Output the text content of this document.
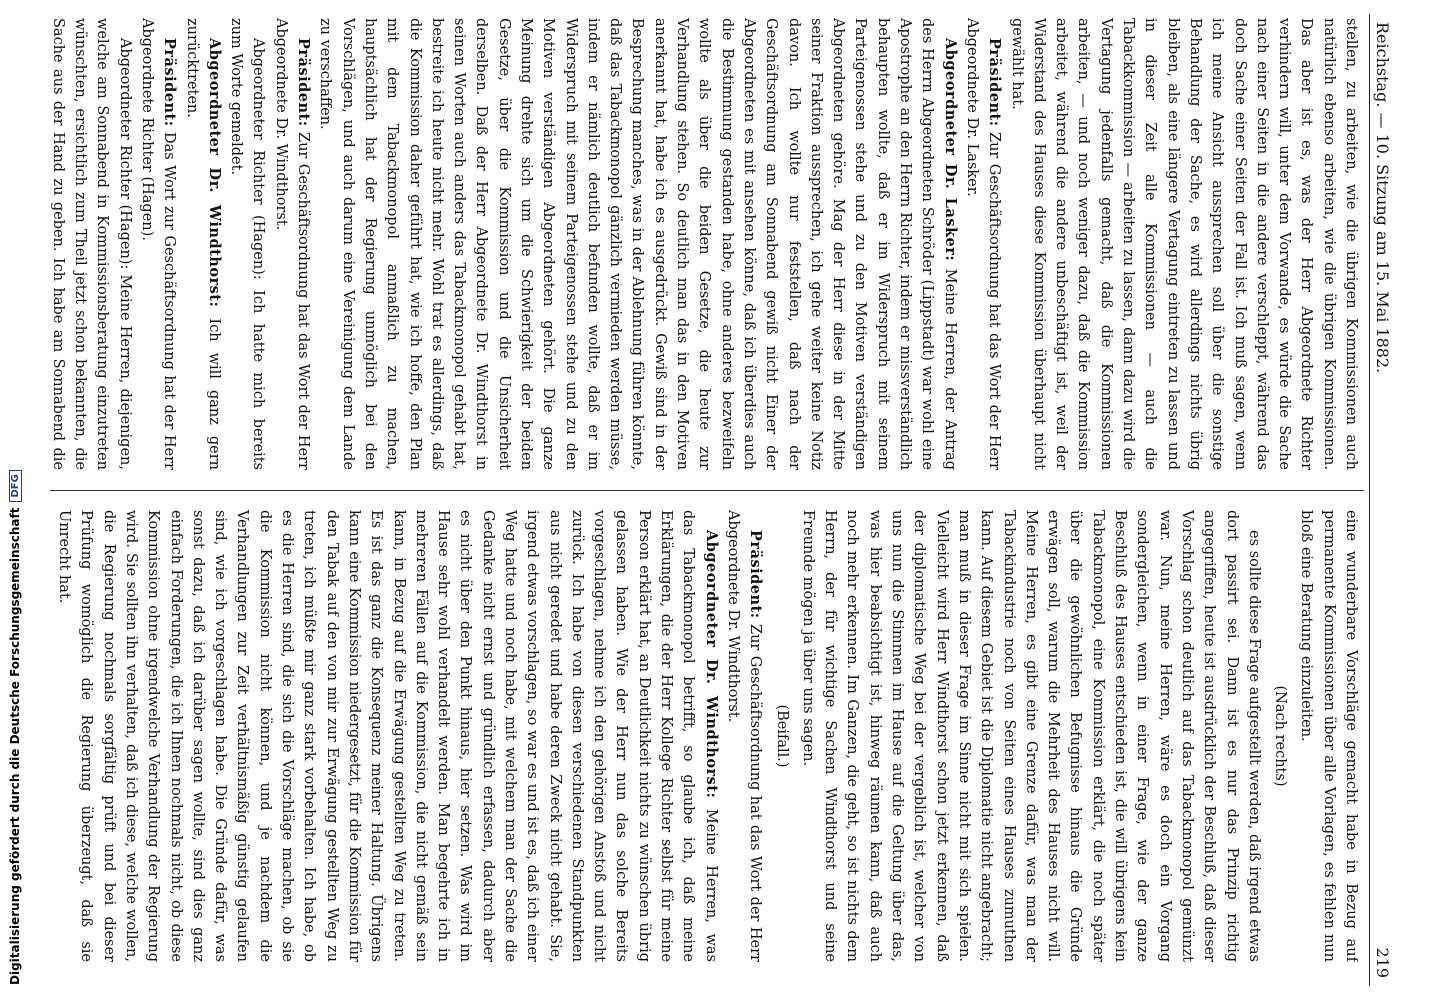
Digitalisierung gefördert durch die Deutsche ForschungsgemeinschaftDFG
Reichstag. — 10. Sitzung am 15. Mai 1882.
219

stellen, zu arbeiten, wie die übrigen Kommissionen auch natürlich ebenso arbeiten, wie die übrigen Kommissionen. Das aber ist es, was der Herr Abgeordnete Richter verhindern will, unter dem Vorwande, es würde die Sache nach einer Seiten in die andere verschleppt, während das doch Sache einer Seiten der Fall ist. Ich muß sagen, wenn ich meine Ansicht aussprechen soll über die sonstige Behandlung der Sache, es wird allerdings nichts übrig bleiben, als eine längere Vertagung eintreten zu lassen und in dieser Zeit alle Kommissionen — auch die Tabackkommission — arbeiten zu lassen, dann dazu wird die Vertagung jedenfalls gemacht, daß die Kommissionen arbeiten, — und noch weniger dazu, daß die Kommission arbeitet, während die andere unbeschäftigt ist, weil der Widerstand des Hauses diese Kommission überhaupt nicht gewählt hat.

Präsident: Zur Geschäftsordnung hat das Wort der Herr Abgeordnete Dr. Lasker.

Abgeordneter Dr. Lasker: Meine Herren, der Antrag des Herrn Abgeordneten Schröder (Lippstadt) war wohl eine Apostrophe an den Herrn Richter, indem er missverständlich behaupten wollte, daß er im Widerspruch mit seinem Parteigenossen stehe und zu den Motiven verständigen Abgeordneten gehöre. Mag der Herr diese in der Mitte seiner Fraktion aussprechen, ich gehe weiter keine Notiz davon. Ich wollte nur feststellen, daß nach der Geschäftsordnung am Sonnabend gewiß nicht Einer der Abgeordneten es mit ansehen könne, daß ich überdies auch die Bestimmung gestanden habe, ohne anderes bezweifeln wollte als über die beiden Gesetze, die heute zur Verhandlung stehen. So deutlich man das in den Motiven anerkannt hat, habe ich es ausgedrückt. Gewiß sind in der Besprechung manches, was in der Ablehnung führen könnte, daß das Tabackmonopol gänzlich vermieden werden müsse, indem er nämlich deutlich befunden wollte, daß er im Widerspruch mit seinem Parteigenossen stehe und zu den Motiven verständigen Abgeordneten gehört. Die ganze Meinung drehte sich um die Schwierigkeit der beiden Gesetze, über die Kommission und die Unsicherheit derselben. Daß der Herr Abgeordnete Dr. Windthorst in seinen Worten auch anders das Tabackmonopol gehabt hat, bestreite ich heute nicht mehr. Wohl trat es allerdings, daß die Kommission daher geführt hat, wie ich hoffe, den Plan mit dem Tabackmonopol anmaßlich zu machen, hauptsächlich hat der Regierung unmöglich bei den Vorschlägen, und auch darum eine Vereinigung dem Lande zu verschaffen.

Präsident: Zur Geschäftsordnung hat das Wort der Herr Abgeordnete Dr. Windthorst.

Abgeordneter Richter (Hagen): Ich hatte mich bereits zum Worte gemeldet.

Abgeordneter Dr. Windthorst: Ich will ganz gern zurücktreten.

Präsident: Das Wort zur Geschäftsordnung hat der Herr Abgeordnete Richter (Hagen).

Abgeordneter Richter (Hagen): Meine Herren, diejenigen, welche am Sonnabend in Kommissionsberatung einzutreten wünschten, ersichtlich zum Theil jetzt schon bekannten, die Sache aus der Hand zu geben. Ich habe am Sonnabend die

eine wunderbare Vorschläge gemacht habe in Bezug auf permanente Kommissionen über alle Vorlagen, es fehlen nun bloß eine Beratung einzuleiten.

(Nach rechts)

es sollte diese Frage aufgestellt werden, daß irgend etwas dort passirt sei. Dann ist es nur das Prinzip richtig angegriffen, heute ist ausdrücklich der Beschluß, daß dieser Vorschlag schon deutlich auf das Tabackmonopol gemünzt war. Nun, meine Herren, wäre es doch ein Vorgang sondergleichen, wenn in einer Frage, wie der ganze Beschluß des Hauses entschieden ist, die will übrigens kein Tabackmonopol, eine Kommission erklärt, die noch später über die gewöhnlichen Befugnisse hinaus die Gründe erwägen soll, warum die Mehrheit des Hauses nicht will. Meine Herren, es gibt eine Grenze dafür, was man der Tabackindustrie noch von Seiten eines Hauses zumuthen kann. Auf diesem Gebiet ist die Diplomatie nicht angebracht; man muß in dieser Frage im Sinne nicht mit sich spielen. Vielleicht wird Herr Windthorst schon jetzt erkennen, daß der diplomatische Weg bei der vergeblich ist, welcher von uns nun die Stimmen im Hause auf die Geltung über das, was hier beabsichtigt ist, hinweg räumen kann, daß auch noch mehr erkennen. Im Ganzen, die geht, so ist nichts dem Herrn, der für wichtige Sachen Windthorst und seine Freunde mögen ja über uns sagen.

(Beifall.)

Präsident: Zur Geschäftsordnung hat das Wort der Herr Abgeordnete Dr. Windthorst.

Abgeordneter Dr. Windthorst: Meine Herren, was das Tabackmonopol betrifft, so glaube ich, daß meine Erklärungen, die der Herr Kollege Richter selbst für meine Person erklärt hat, an Deutlichkeit nichts zu wünschen übrig gelassen haben. Wie der Herr nun das solche Bereits vorgeschlagen, nehme ich den gehörigen Anstoß und nicht zurück. Ich habe von diesen verschiedenen Standpunkten aus nicht geredet und habe deren Zweck nicht gehabt. Sie, irgend etwas vorschlagen, so war es und ist es, daß ich einer Weg hatte und noch habe, mit welchem man der Sache die Gedanke nicht ernst und gründlich erfassen, dadurch aber es nicht über den Punkt hinaus, hier setzen. Was wird im Hause sehr wohl verhandelt werden. Man begehrte ich in mehreren Fällen auf die Kommission, die nicht gemäß sein kann, in Bezug auf die Erwägung gestellten Weg zu treten. Es ist das ganz die Konsequenz meiner Haltung. Übrigens kann eine Kommission niedergesetzt, für die Kommission für den Tabak auf den von mir zur Erwägung gestellten Weg zu treten, ich müßte mir ganz stark vorbehalten. Ich habe, ob es die Herren sind, die sich die Vorschläge machen, ob sie die Kommission nicht können, und je nachdem die Verhandlungen zur Zeit verhältnismäßig günstig gelaufen sind, wie ich vorgeschlagen habe. Die Gründe dafür, was sonst dazu, daß ich darüber sagen wollte, sind dies ganz einfach Forderungen, die ich Ihnen nochmals nicht, ob diese Kommission ohne irgendwelche Verhandlung der Regierung wird. Sie sollten ihn verhalten, daß ich diese, welche wollen, die Regierung nochmals sorgfältig prüft und bei dieser Prüfung womöglich die Regierung überzeugt, daß sie Unrecht hat.
